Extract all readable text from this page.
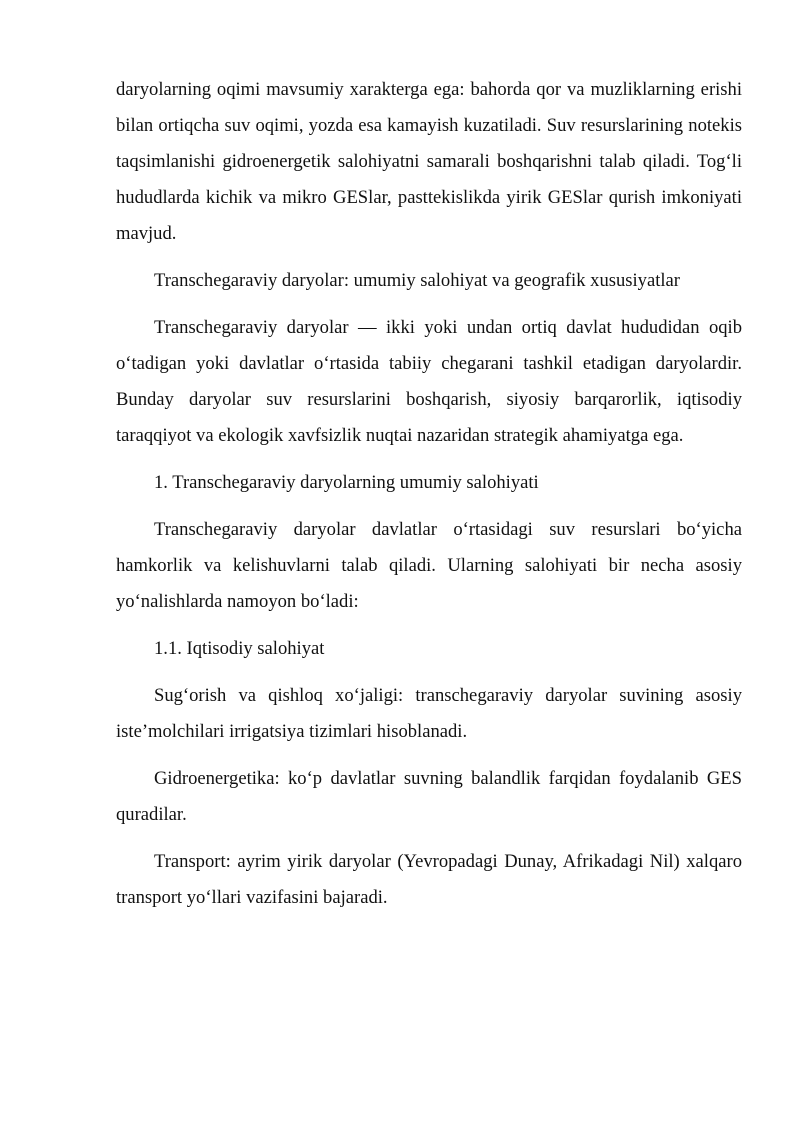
daryolarning oqimi mavsumiy xarakterga ega: bahorda qor va muzliklarning erishi bilan ortiqcha suv oqimi, yozda esa kamayish kuzatiladi. Suv resurslarining notekis taqsimlanishi gidroenergetik salohiyatni samarali boshqarishni talab qiladi. Tog‘li hududlarda kichik va mikro GESlar, pasttekislikda yirik GESlar qurish imkoniyati mavjud.

Transchegaraviy daryolar: umumiy salohiyat va geografik xususiyatlar

Transchegaraviy daryolar — ikki yoki undan ortiq davlat hududidan oqib o‘tadigan yoki davlatlar o‘rtasida tabiiy chegarani tashkil etadigan daryolardir. Bunday daryolar suv resurslarini boshqarish, siyosiy barqarorlik, iqtisodiy taraqqiyot va ekologik xavfsizlik nuqtai nazaridan strategik ahamiyatga ega.

1. Transchegaraviy daryolarning umumiy salohiyati

Transchegaraviy daryolar davlatlar o‘rtasidagi suv resurslari bo‘yicha hamkorlik va kelishuvlarni talab qiladi. Ularning salohiyati bir necha asosiy yo‘nalishlarda namoyon bo‘ladi:

1.1. Iqtisodiy salohiyat

Sug‘orish va qishloq xo‘jaligi: transchegaraviy daryolar suvining asosiy iste’molchilari irrigatsiya tizimlari hisoblanadi.

Gidroenergetika: ko‘p davlatlar suvning balandlik farqidan foydalanib GES quradilar.

Transport: ayrim yirik daryolar (Yevropadagi Dunay, Afrikadagi Nil) xalqaro transport yo‘llari vazifasini bajaradi.
